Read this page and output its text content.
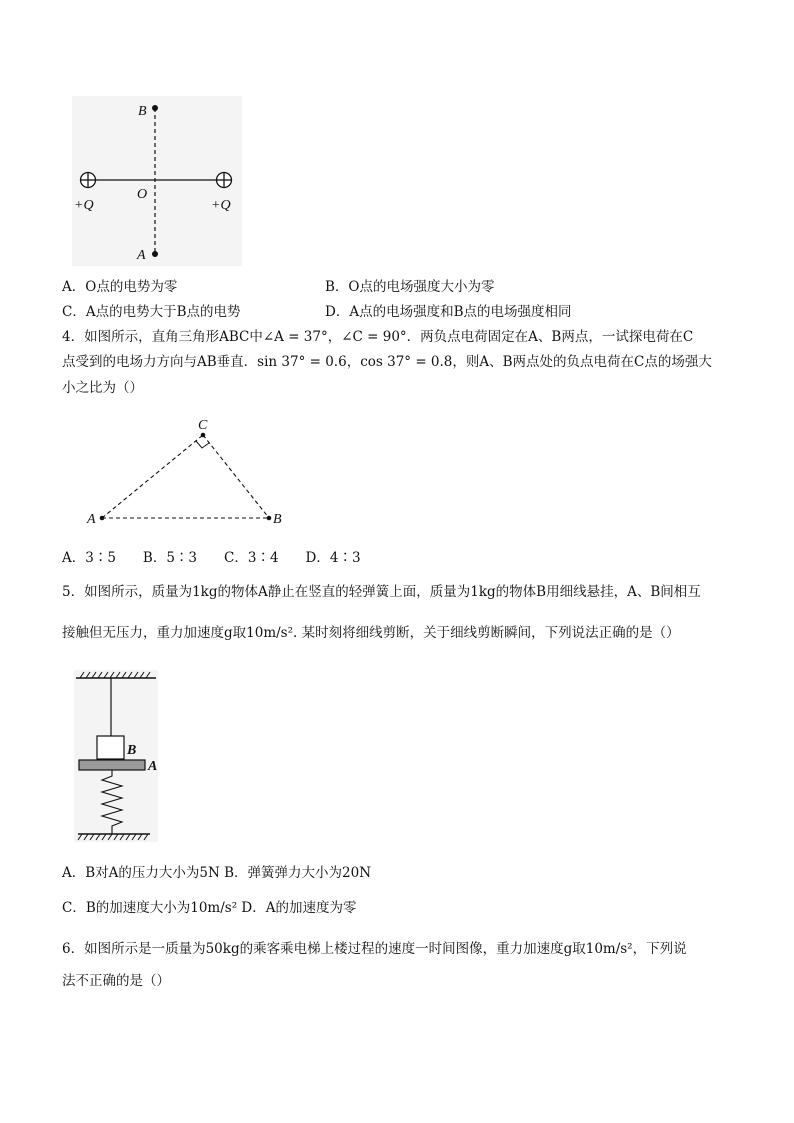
B
O
A
+Q	+Q
A．O点的电势为零	B．O点的电场强度大小为零
C．A点的电势大于B点的电势	D．A点的电场强度和B点的电场强度相同
4．如图所示，直角三角形ABC中∠A = 37°，∠C = 90°．两负点电荷固定在A、B两点，一试探电荷在C
点受到的电场力方向与AB垂直．sin 37° = 0.6，cos 37° = 0.8，则A、B两点处的负点电荷在C点的场强大
小之比为（）
A
C
B
A．3∶5　　B．5∶3　　C．3∶4　　D．4∶3
5．如图所示，质量为1kg的物体A静止在竖直的轻弹簧上面，质量为1kg的物体B用细线悬挂，A、B间相互
接触但无压力，重力加速度g取10m/s². 某时刻将细线剪断，关于细线剪断瞬间，下列说法正确的是（）
B
A
A．B对A的压力大小为5N B．弹簧弹力大小为20N
C．B的加速度大小为10m/s² D．A的加速度为零
6．如图所示是一质量为50kg的乘客乘电梯上楼过程的速度一时间图像，重力加速度g取10m/s²，下列说
法不正确的是（）
